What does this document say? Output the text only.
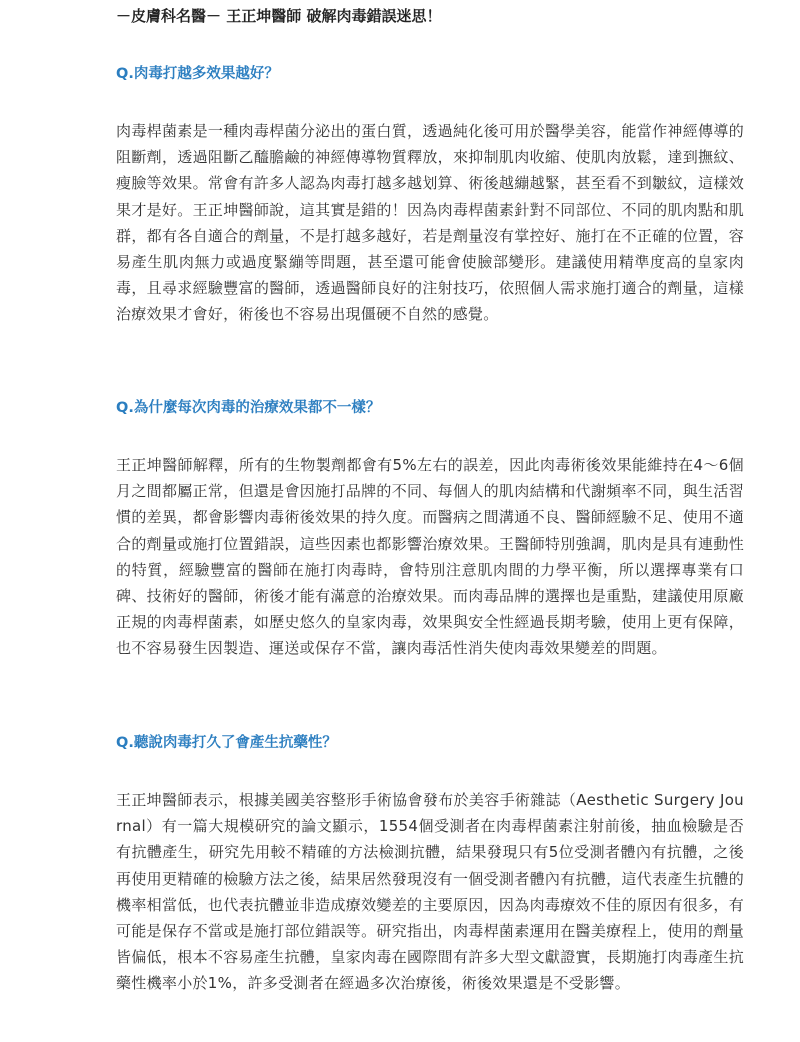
－皮膚科名醫－ 王正坤醫師 破解肉毒錯誤迷思！
Q.肉毒打越多效果越好？

肉毒桿菌素是一種肉毒桿菌分泌出的蛋白質，透過純化後可用於醫學美容，能當作神經傳導的阻斷劑，透過阻斷乙醯膽鹼的神經傳導物質釋放，來抑制肌肉收縮、使肌肉放鬆，達到撫紋、瘦臉等效果。常會有許多人認為肉毒打越多越划算、術後越繃越緊，甚至看不到皺紋，這樣效果才是好。王正坤醫師說，這其實是錯的！因為肉毒桿菌素針對不同部位、不同的肌肉點和肌群，都有各自適合的劑量，不是打越多越好，若是劑量沒有掌控好、施打在不正確的位置，容易產生肌肉無力或過度緊繃等問題，甚至還可能會使臉部變形。建議使用精準度高的皇家肉毒，且尋求經驗豐富的醫師，透過醫師良好的注射技巧，依照個人需求施打適合的劑量，這樣治療效果才會好，術後也不容易出現僵硬不自然的感覺。

Q.為什麼每次肉毒的治療效果都不一樣？

王正坤醫師解釋，所有的生物製劑都會有5%左右的誤差，因此肉毒術後效果能維持在4～6個月之間都屬正常，但還是會因施打品牌的不同、每個人的肌肉結構和代謝頻率不同，與生活習慣的差異，都會影響肉毒術後效果的持久度。而醫病之間溝通不良、醫師經驗不足、使用不適合的劑量或施打位置錯誤，這些因素也都影響治療效果。王醫師特別強調，肌肉是具有連動性的特質，經驗豐富的醫師在施打肉毒時，會特別注意肌肉間的力學平衡，所以選擇專業有口碑、技術好的醫師，術後才能有滿意的治療效果。而肉毒品牌的選擇也是重點，建議使用原廠正規的肉毒桿菌素，如歷史悠久的皇家肉毒，效果與安全性經過長期考驗，使用上更有保障，也不容易發生因製造、運送或保存不當，讓肉毒活性消失使肉毒效果變差的問題。

Q.聽說肉毒打久了會產生抗藥性？

王正坤醫師表示，根據美國美容整形手術協會發布於美容手術雜誌（Aesthetic Surgery Journal）有一篇大規模研究的論文顯示，1554個受測者在肉毒桿菌素注射前後，抽血檢驗是否有抗體產生，研究先用較不精確的方法檢測抗體，結果發現只有5位受測者體內有抗體，之後再使用更精確的檢驗方法之後，結果居然發現沒有一個受測者體內有抗體，這代表產生抗體的機率相當低，也代表抗體並非造成療效變差的主要原因，因為肉毒療效不佳的原因有很多，有可能是保存不當或是施打部位錯誤等。研究指出，肉毒桿菌素運用在醫美療程上，使用的劑量皆偏低，根本不容易產生抗體，皇家肉毒在國際間有許多大型文獻證實，長期施打肉毒產生抗藥性機率小於1%，許多受測者在經過多次治療後，術後效果還是不受影響。
